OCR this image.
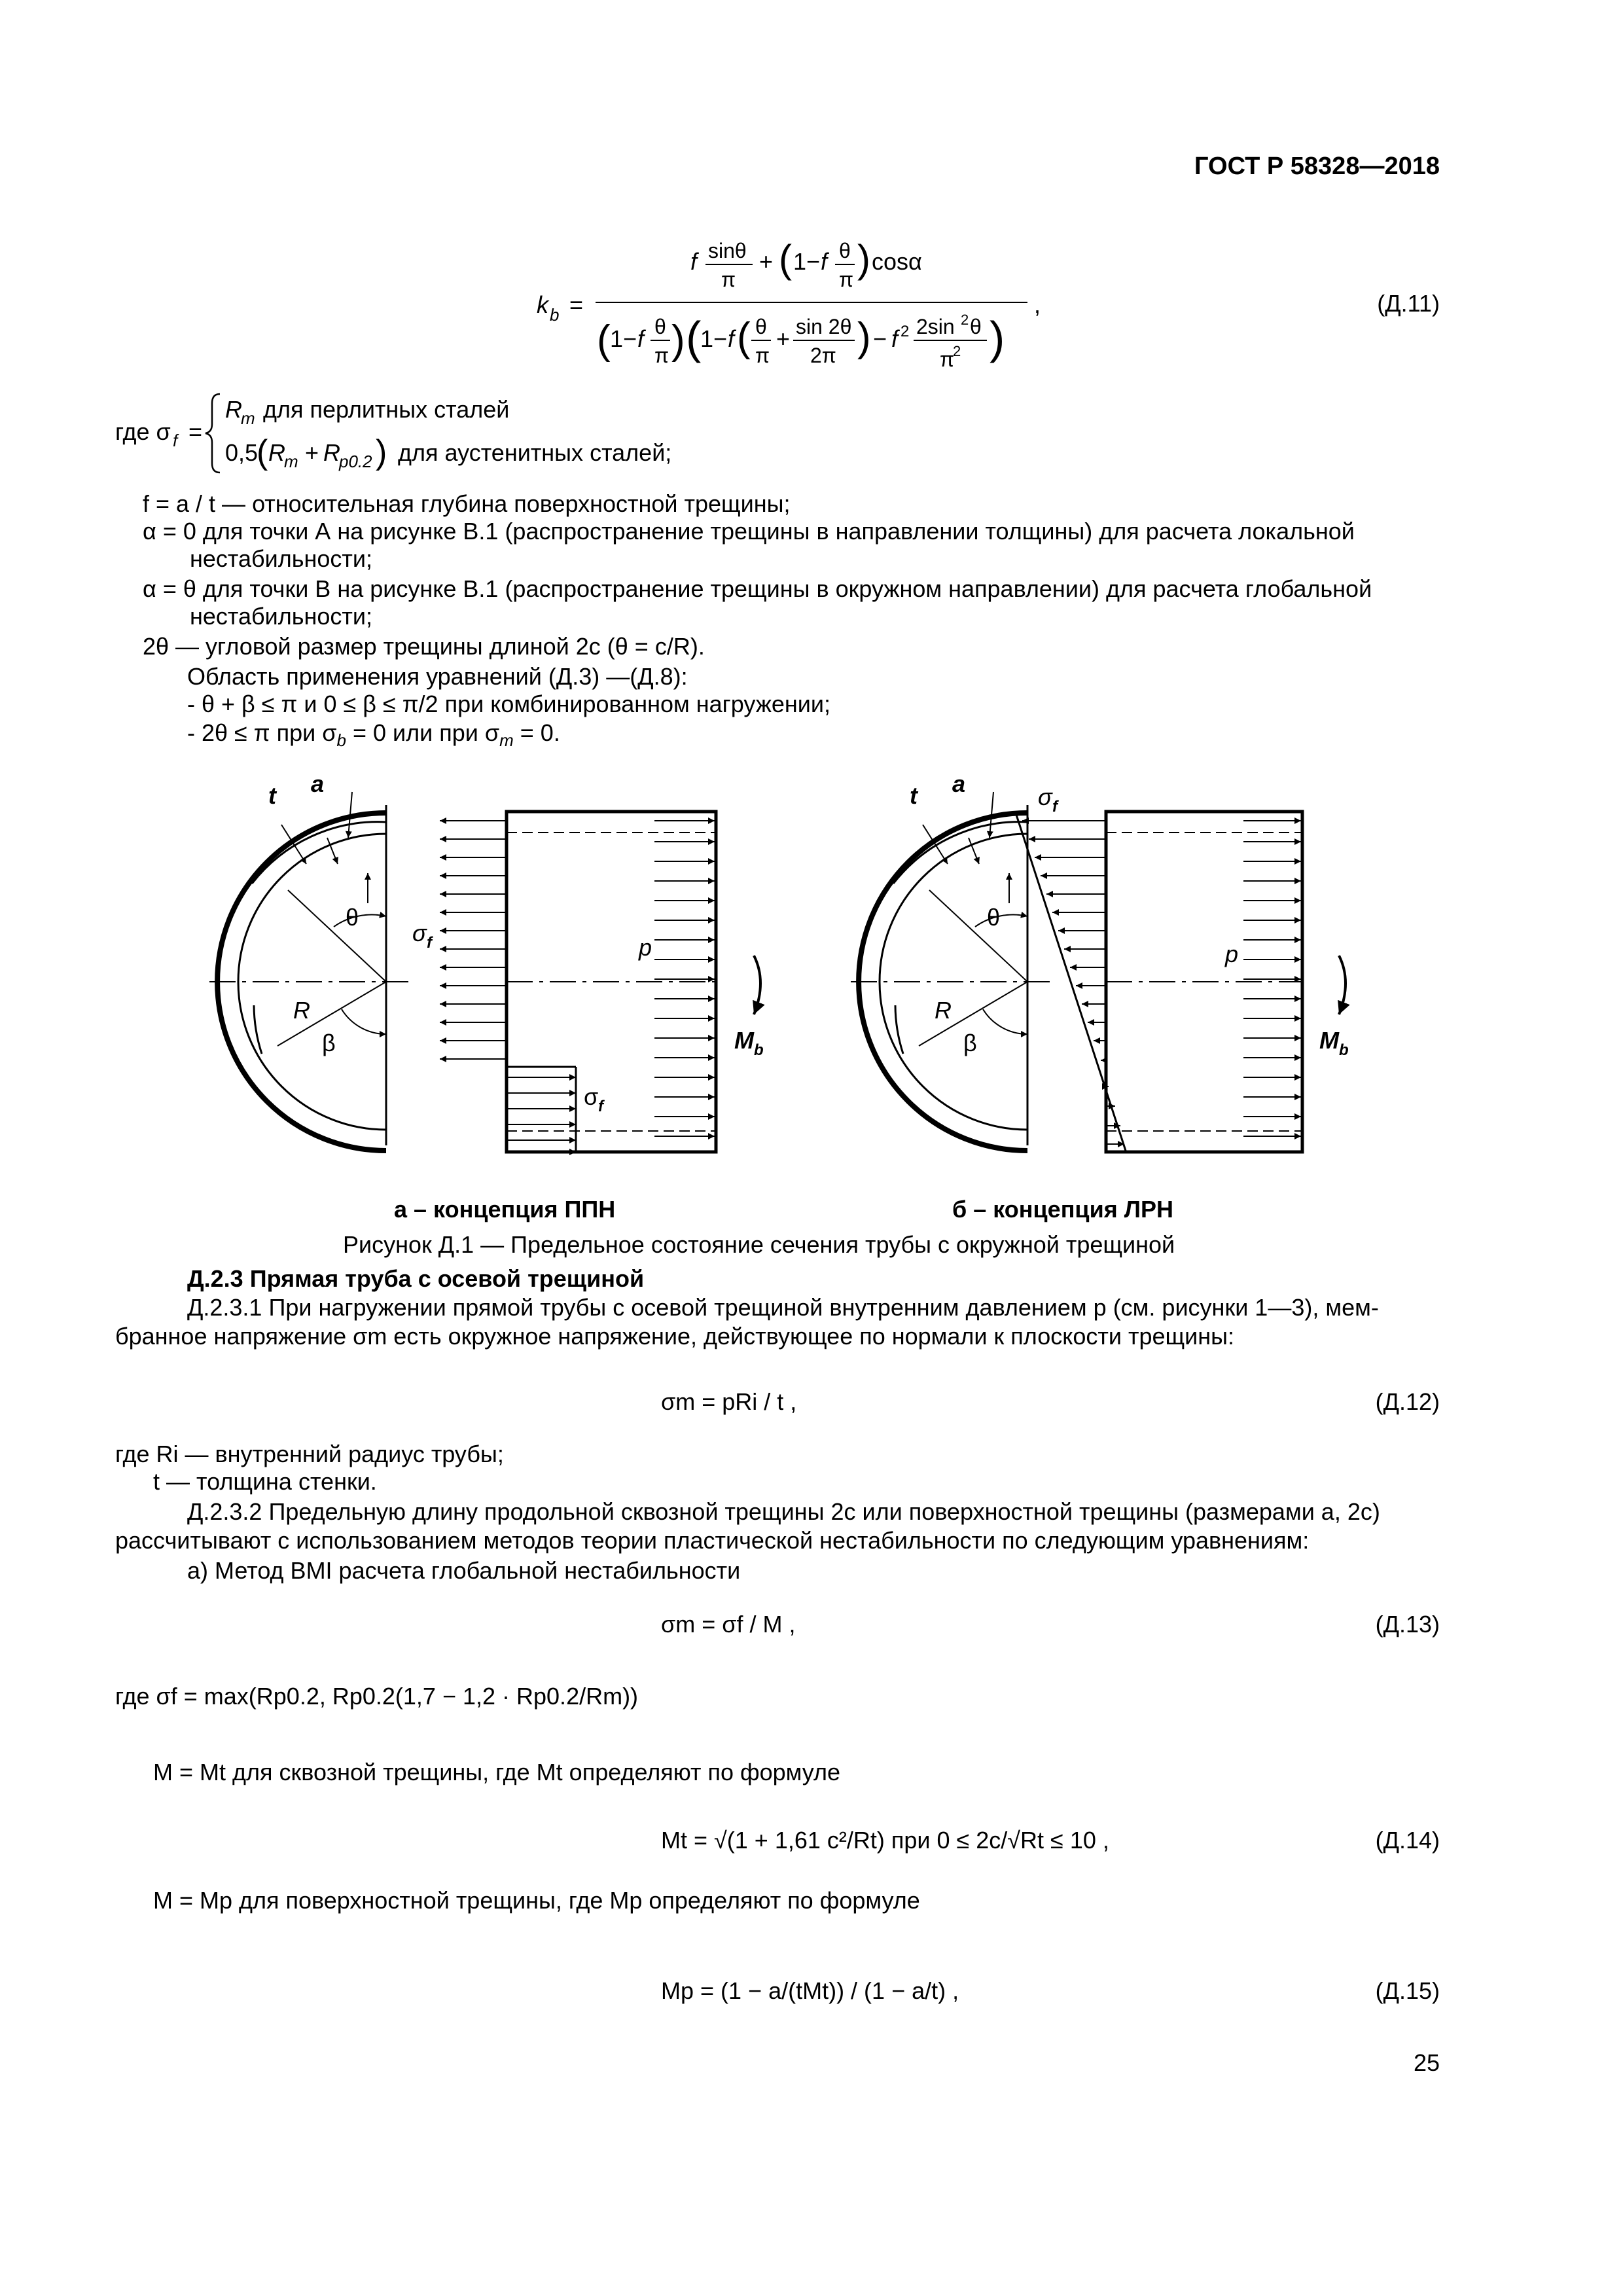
ГОСТ Р 58328—2018
k b =
f sinθ
π
+ ( 1− f θ
π ) cosα
( 1− f θ
π ) (
1− f ( θ
π
+ sin 2θ
2π ) − f 2 2sin 2 θ
π
2 )
,	(Д.11)
где σ f =
R
m для перлитных сталей
0,5
( R
m + R
p0.2 ) для аустенитных сталей;
f = a / t — относительная глубина поверхностной трещины;
α = 0 для точки А на рисунке В.1 (распространение трещины в направлении толщины) для расчета локальной
нестабильности;
α = θ для точки В на рисунке В.1 (распространение трещины в окружном направлении) для расчета глобальной
нестабильности;
2θ — угловой размер трещины длиной 2с (θ = c/R).
Область применения уравнений (Д.3) —(Д.8):
- θ + β ≤ π и 0 ≤ β ≤ π/2 при комбинированном нагружении;
- 2θ ≤ π при $\sigma_b = 0$ или при $\sigma_m = 0$.
t a
θ
R
β
σ f	p
σ f
M b
t a
θ
R
β
σ f
p
M b
а – концепция ППН	б – концепция ЛРН
Рисунок Д.1 — Предельное состояние сечения трубы с окружной трещиной
Д.2.3 Прямая труба с осевой трещиной
Д.2.3.1 При нагружении прямой трубы с осевой трещиной внутренним давлением p (см. рисунки 1—3), мем-
бранное напряжение σm есть окружное напряжение, действующее по нормали к плоскости трещины:
σm = pRi / t ,	(Д.12)
где Ri — внутренний радиус трубы;
t — толщина стенки.
Д.2.3.2 Предельную длину продольной сквозной трещины 2c или поверхностной трещины (размерами a, 2c)
рассчитывают с использованием методов теории пластической нестабильности по следующим уравнениям:
а) Метод BMI расчета глобальной нестабильности
σm = σf / M ,	(Д.13)
где σf = max(Rp0.2, Rp0.2(1,7 − 1,2 · Rp0.2/Rm))
M = Mt для сквозной трещины, где Mt определяют по формуле
Mt = √(1 + 1,61 c²/Rt) при 0 ≤ 2c/√Rt ≤ 10 ,	(Д.14)
M = Mp для поверхностной трещины, где Mp определяют по формуле
Mp = (1 − a/(tMt)) / (1 − a/t) ,	(Д.15)
25
